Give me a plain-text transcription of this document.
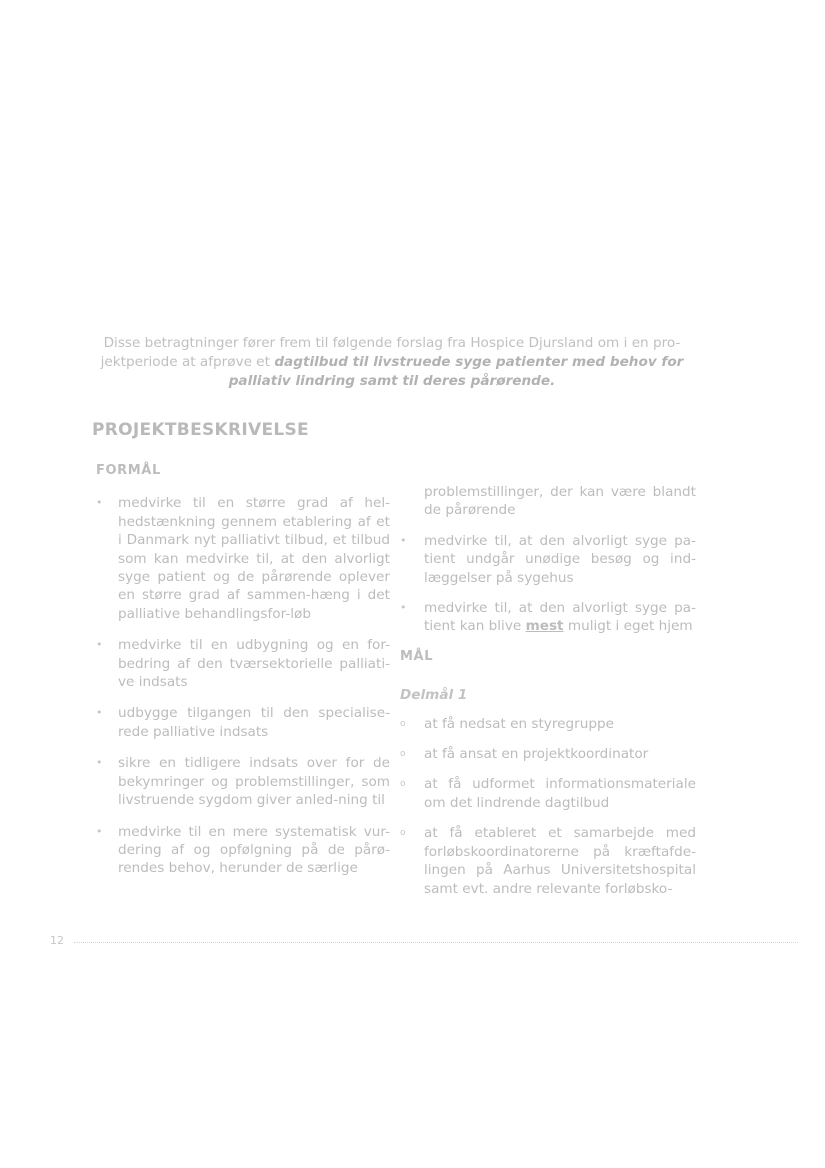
Disse betragtninger fører frem til følgende forslag fra Hospice Djursland om i en pro-jektperiode at afprøve et dagtilbud til livstruede syge patienter med behov for palliativ lindring samt til deres pårørende.
PROJEKTBESKRIVELSE
FORMÅL
•	medvirke til en større grad af hel-hedstænkning gennem etablering af et i Danmark nyt palliativt tilbud, et tilbud som kan medvirke til, at den alvorligt syge patient og de pårørende oplever en større grad af sammen-hæng i det palliative behandlingsfor-løb
•	medvirke til en udbygning og en for-bedring af den tværsektorielle palliati-ve indsats
•	udbygge tilgangen til den specialise-rede palliative indsats
•	sikre en tidligere indsats over for de bekymringer og problemstillinger, som livstruende sygdom giver anled-ning til
•	medvirke til en mere systematisk vur-dering af og opfølgning på de pårø-rendes behov, herunder de særlige
problemstillinger, der kan være blandt de pårørende
•	medvirke til, at den alvorligt syge pa-tient undgår unødige besøg og ind-læggelser på sygehus
•	medvirke til, at den alvorligt syge pa-tient kan blive mest muligt i eget hjem
MÅL
Delmål 1
o at få nedsat en styregruppe
o at få ansat en projektkoordinator
o at få udformet informationsmateriale om det lindrende dagtilbud
o at få etableret et samarbejde med forløbskoordinatorerne på kræftafde-lingen på Aarhus Universitetshospital samt evt. andre relevante forløbsko-
12
